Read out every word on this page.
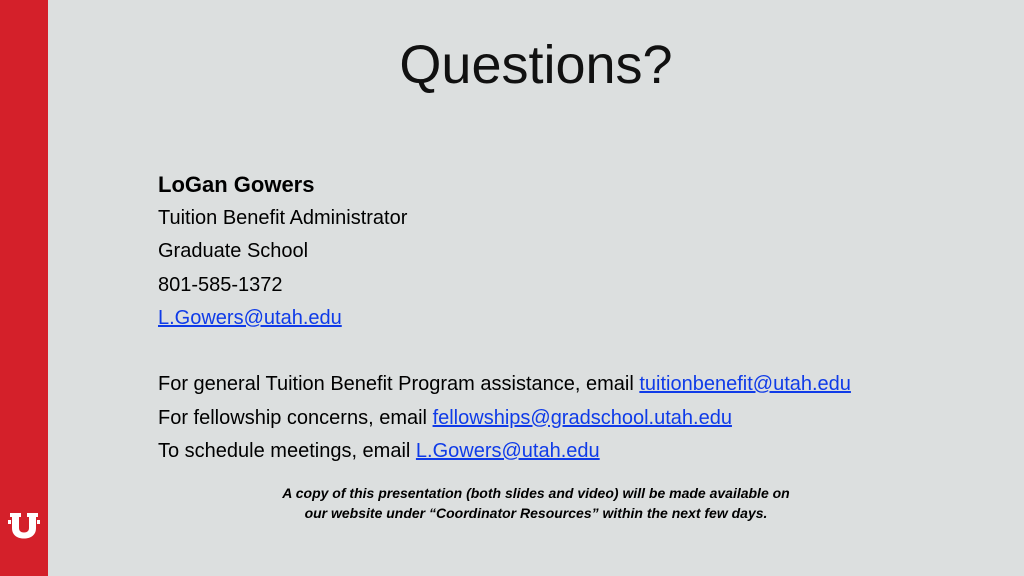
Questions?
LoGan Gowers
Tuition Benefit Administrator
Graduate School
801-585-1372
L.Gowers@utah.edu
For general Tuition Benefit Program assistance, email tuitionbenefit@utah.edu
For fellowship concerns, email fellowships@gradschool.utah.edu
To schedule meetings, email L.Gowers@utah.edu
A copy of this presentation (both slides and video) will be made available on
our website under “Coordinator Resources” within the next few days.
